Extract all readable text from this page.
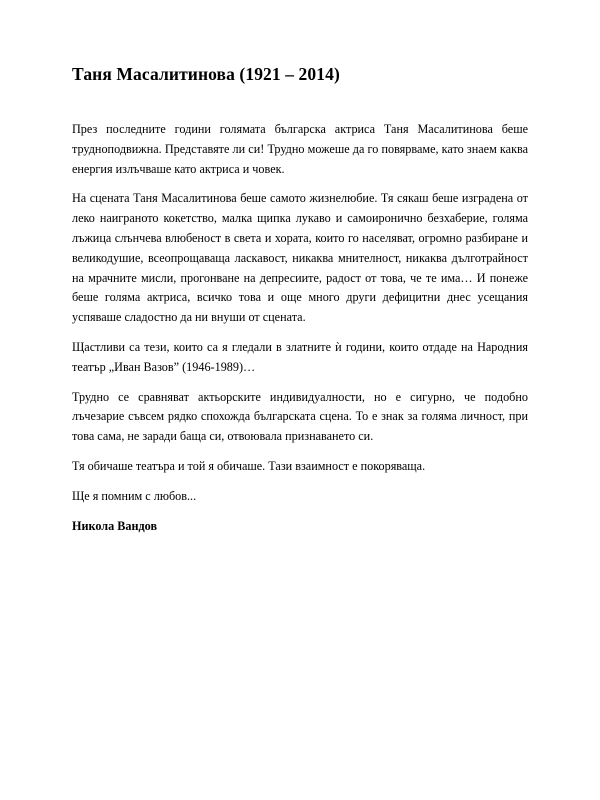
Таня Масалитинова (1921 – 2014)

През последните години голямата българска актриса Таня Масалитинова беше трудноподвижна. Представяте ли си! Трудно можеше да го повярваме, като знаем каква енергия излъчваше като актриса и човек.

На сцената Таня Масалитинова беше самото жизнелюбие. Тя сякаш беше изградена от леко наиграното кокетство, малка щипка лукаво и самоиронично безхаберие, голяма лъжица слънчева влюбеност в света и хората, които го населяват, огромно разбиране и великодушие, всеопрощаваща ласкавост, никаква мнителност, никаква дълготрайност на мрачните мисли, прогонване на депресиите, радост от това, че те има… И понеже беше голяма актриса, всичко това и още много други дефицитни днес усещания успяваше сладостно да ни внуши от сцената.

Щастливи са тези, които са я гледали в златните ѝ години, които отдаде на Народния театър „Иван Вазов” (1946-1989)…

Трудно се сравняват актьорските индивидуалности, но е сигурно, че подобно лъчезарие съвсем рядко спохожда българската сцена. То е знак за голяма личност, при това сама, не заради баща си, отвоювала признаването си.

Тя обичаше театъра и той я обичаше. Тази взаимност е покоряваща.

Ще я помним с любов...

Никола Вандов
